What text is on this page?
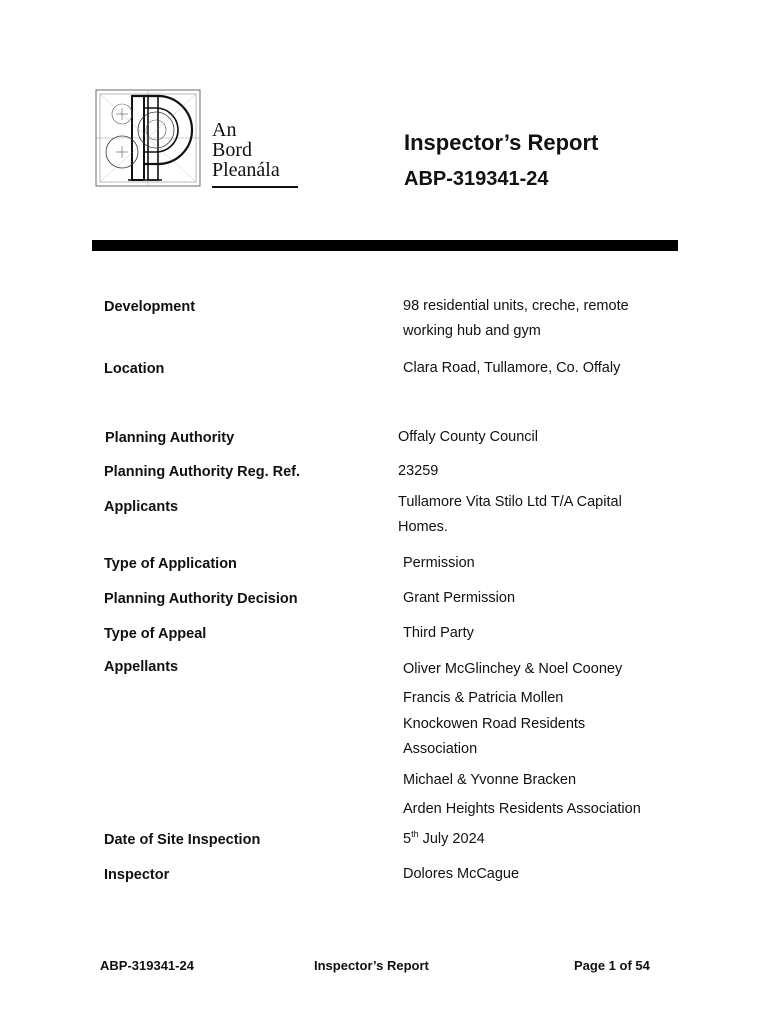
An
Bord
Pleanála
Inspector’s Report
ABP-319341-24
Development	98 residential units, creche, remote
working hub and gym
Location	Clara Road, Tullamore, Co. Offaly
Planning Authority	Offaly County Council
Planning Authority Reg. Ref.	23259
Applicants	Tullamore Vita Stilo Ltd T/A Capital
Homes.
Type of Application	Permission
Planning Authority Decision	Grant Permission
Type of Appeal	Third Party
Appellants	Oliver McGlinchey & Noel Cooney
Francis & Patricia Mollen
Knockowen Road Residents
Association
Michael & Yvonne Bracken
Arden Heights Residents Association
Date of Site Inspection	5th July 2024
Inspector	Dolores McCague
ABP-319341-24	Inspector’s Report	Page 1 of 54
